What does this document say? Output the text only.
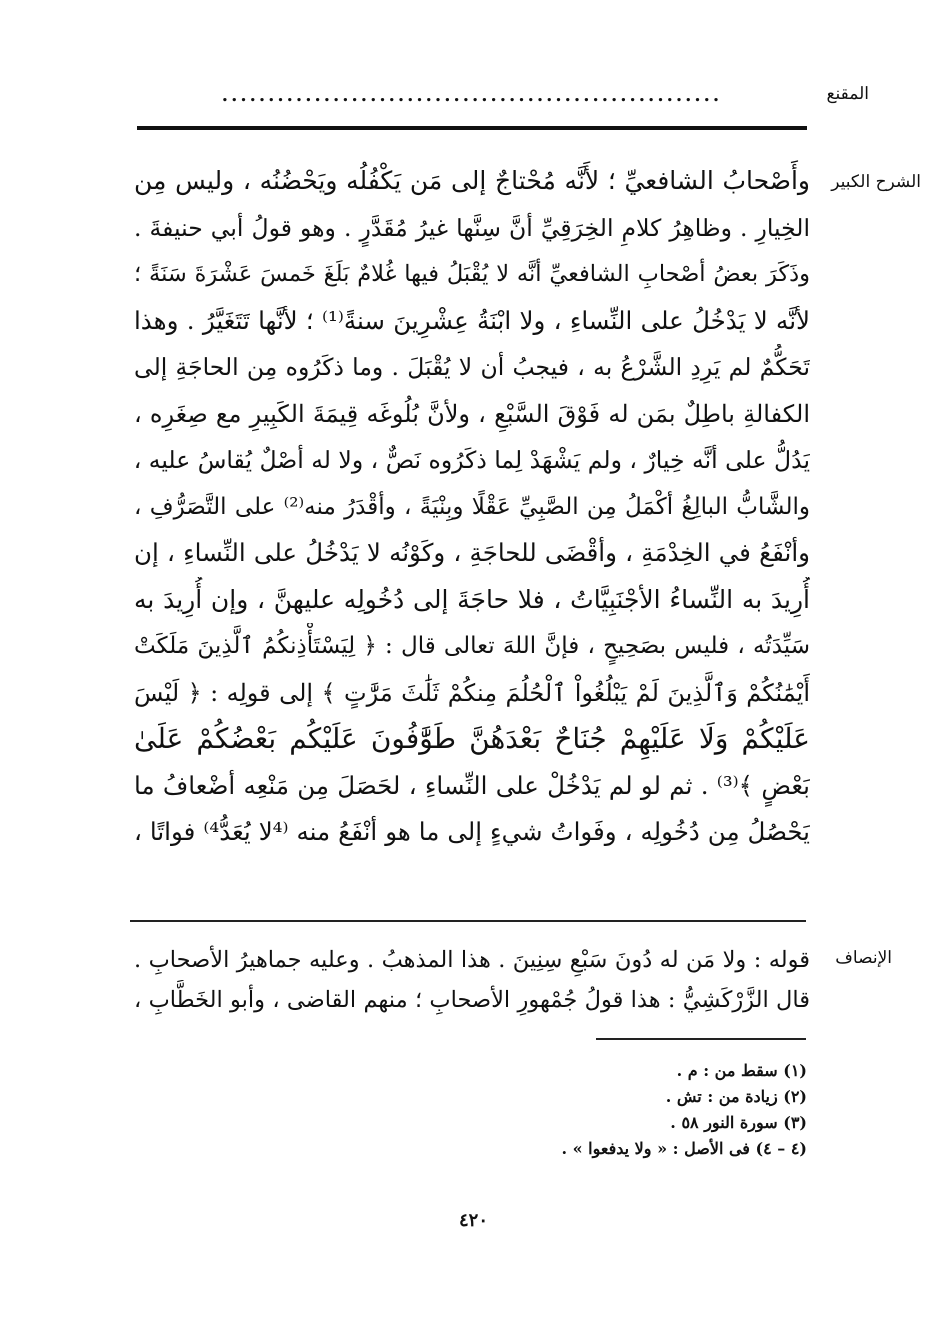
المقنع
......................................................
الشرح الكبير
وأَصْحابُ الشافعيِّ ؛ لأَنَّه مُحْتاجٌ إلى مَن يَكْفُلُه ويَحْضُنُه ، وليس مِن
الخِيارِ . وظاهِرُ كلامِ الخِرَقِيِّ أنَّ سِنَّها غيرُ مُقَدَّرٍ . وهو قولُ أبي حنيفةَ .
وذَكَرَ بعضُ أصْحابِ الشافعيِّ أنَّه لا يُقْبَلُ فيها غُلامٌ بَلَغَ خَمسَ عَشْرَةَ سَنَةً ؛
لأنَّه لا يَدْخُلُ على النِّساءِ ، ولا ابْنَةُ عِشْرِينَ سنةً⁽¹⁾ ؛ لأنَّها تَتَغَيَّرُ . وهذا
تَحَكُّمٌ لم يَرِدِ الشَّرْعُ به ، فيجبُ أن لا يُقْبَلَ . وما ذكَرُوه مِن الحاجَةِ إلى
الكفالةِ باطِلٌ بمَن له فَوْقَ السَّبْعِ ، ولأنَّ بُلُوغَه قِيمَةَ الكَبِيرِ مع صِغَرِه ،
يَدُلُّ على أنَّه خِيارٌ ، ولم يَشْهَدْ لِما ذكَرُوه نَصٌّ ، ولا له أصْلٌ يُقاسُ عليه ،
والشَّابُّ البالِغُ أكْمَلُ مِن الصَّبِيِّ عَقْلًا وبِنْيَةً ، وأقْدَرُ منه⁽²⁾ على التَّصَرُّفِ ،
وأنْفَعُ في الخِدْمَةِ ، وأقْضَى للحاجَةِ ، وكَوْنُه لا يَدْخُلُ على النِّساءِ ، إن
أُرِيدَ به النِّساءُ الأجْنَبِيَّاتُ ، فلا حاجَةَ إلى دُخُولِه عليهنَّ ، وإن أُرِيدَ به
سَيِّدَتُه ، فليس بصَحِيحٍ ، فإنَّ اللهَ تعالى قال : ﴿ لِيَسْتَأْذِنكُمُ ٱلَّذِينَ مَلَكَتْ
أَيْمَٰنُكُمْ وَٱلَّذِينَ لَمْ يَبْلُغُواْ ٱلْحُلُمَ مِنكُمْ ثَلَٰثَ مَرَّٰتٍ ﴾ إلى قولِه : ﴿ لَيْسَ
عَلَيْكُمْ وَلَا عَلَيْهِمْ جُنَاحٌ بَعْدَهُنَّ طَوَّٰفُونَ عَلَيْكُم بَعْضُكُمْ عَلَىٰ
بَعْضٍ ﴾⁽³⁾ . ثم لو لم يَدْخُلْ على النِّساءِ ، لحَصَلَ مِن مَنْعِه أضْعافُ ما
يَحْصُلُ مِن دُخُولِه ، وفَواتُ شيءٍ إلى ما هو أنْفَعُ منه ⁽⁴لا يُعَدُّ⁴⁾ فواتًا ،
الإنصاف
قوله : ولا مَن له دُونَ سَبْعِ سِنِينَ . هذا المذهبُ . وعليه جماهيرُ الأصحابِ .
قال الزَّرْكَشِيُّ : هذا قولُ جُمْهورِ الأصحابِ ؛ منهم القاضى ، وأبو الخَطَّابِ ،
(١) سقط من : م .
(٢) زيادة من : تش .
(٣) سورة النور ٥٨ .
(٤ – ٤) فى الأصل : « ولا يدفعوا » .
٤٢٠
